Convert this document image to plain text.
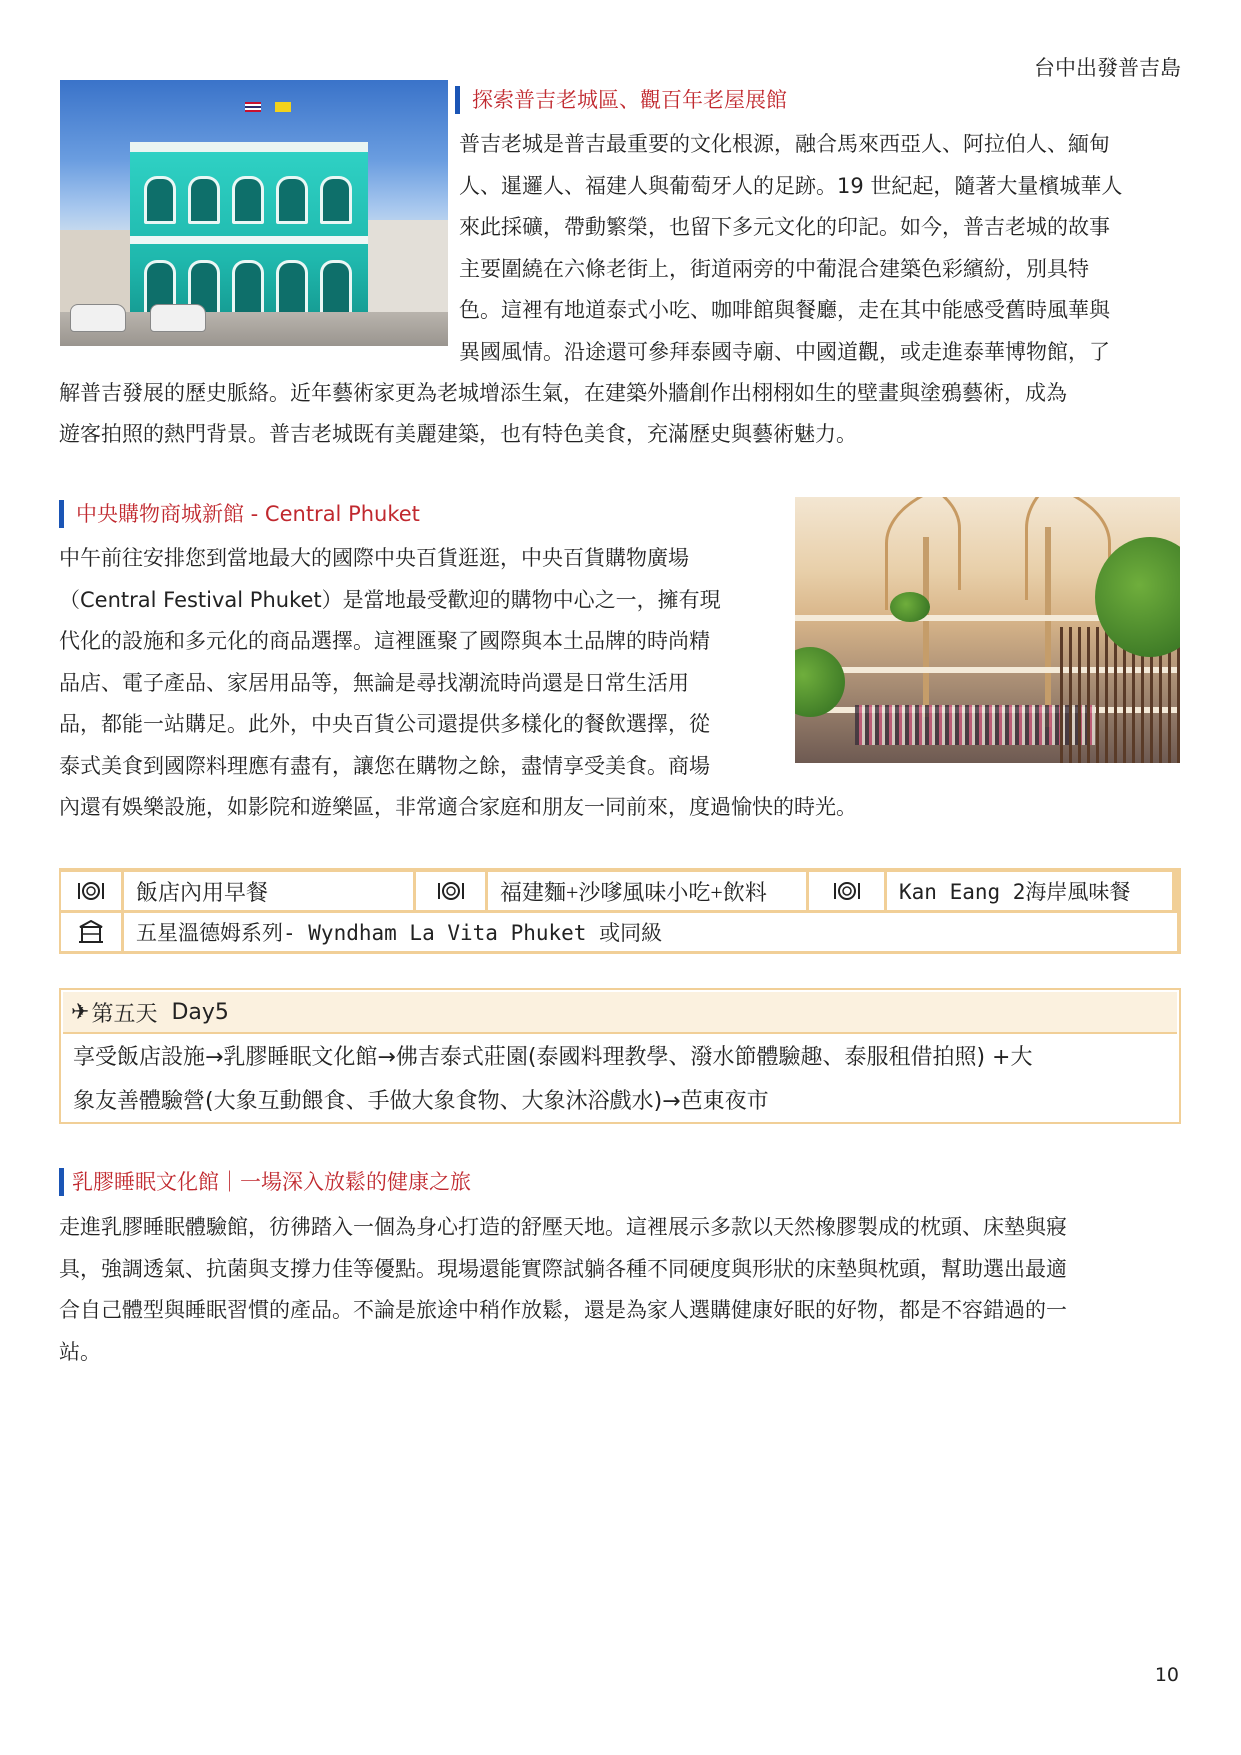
台中出發普吉島
探索普吉老城區、觀百年老屋展館
普吉老城是普吉最重要的文化根源，融合馬來西亞人、阿拉伯人、緬甸
人、暹邏人、福建人與葡萄牙人的足跡。19 世紀起，隨著大量檳城華人
來此採礦，帶動繁榮，也留下多元文化的印記。如今，普吉老城的故事
主要圍繞在六條老街上，街道兩旁的中葡混合建築色彩繽紛，別具特
色。這裡有地道泰式小吃、咖啡館與餐廳，走在其中能感受舊時風華與
異國風情。沿途還可參拜泰國寺廟、中國道觀，或走進泰華博物館，了
解普吉發展的歷史脈絡。近年藝術家更為老城增添生氣，在建築外牆創作出栩栩如生的壁畫與塗鴉藝術，成為
遊客拍照的熱門背景。普吉老城既有美麗建築，也有特色美食，充滿歷史與藝術魅力。
中央購物商城新館 - Central Phuket
中午前往安排您到當地最大的國際中央百貨逛逛，中央百貨購物廣場
（Central Festival Phuket）是當地最受歡迎的購物中心之一，擁有現
代化的設施和多元化的商品選擇。這裡匯聚了國際與本土品牌的時尚精
品店、電子產品、家居用品等，無論是尋找潮流時尚還是日常生活用
品，都能一站購足。此外，中央百貨公司還提供多樣化的餐飲選擇，從
泰式美食到國際料理應有盡有，讓您在購物之餘，盡情享受美食。商場
內還有娛樂設施，如影院和遊樂區，非常適合家庭和朋友一同前來，度過愉快的時光。
飯店內用早餐	福建麵+沙嗲風味小吃+飲料	Kan Eang 2海岸風味餐
五星溫德姆系列- Wyndham La Vita Phuket 或同級
✈ 第五天 Day5
享受飯店設施→乳膠睡眠文化館→佛吉泰式莊園(泰國料理教學、潑水節體驗趣、泰服租借拍照) +大
象友善體驗營(大象互動餵食、手做大象食物、大象沐浴戲水)→芭東夜市
乳膠睡眠文化館｜一場深入放鬆的健康之旅
走進乳膠睡眠體驗館，彷彿踏入一個為身心打造的舒壓天地。這裡展示多款以天然橡膠製成的枕頭、床墊與寢
具，強調透氣、抗菌與支撐力佳等優點。現場還能實際試躺各種不同硬度與形狀的床墊與枕頭，幫助選出最適
合自己體型與睡眠習慣的產品。不論是旅途中稍作放鬆，還是為家人選購健康好眠的好物，都是不容錯過的一
站。
10
